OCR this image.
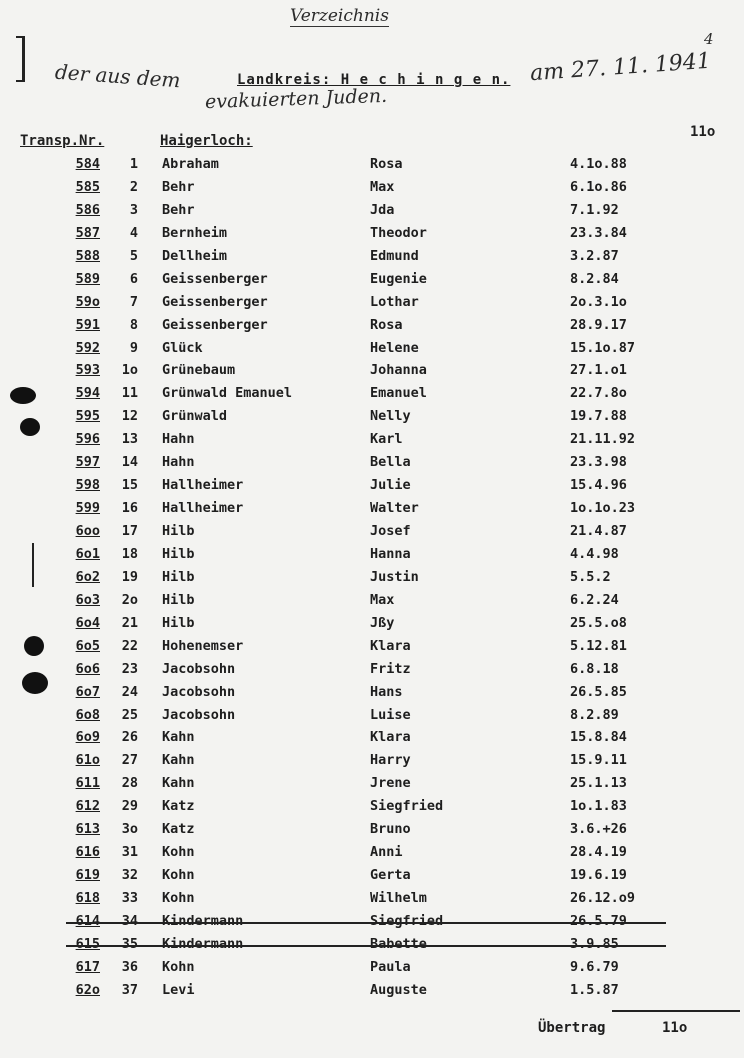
Verzeichnis
4
der aus dem	am 27. 11. 1941
evakuierten Juden.
Landkreis: H e c h i n g e n.
Transp.Nr.	Haigerloch:
11o
584	1 Abraham	Rosa	4.1o.88
585	2 Behr	Max	6.1o.86
586	3 Behr	Jda	7.1.92
587	4 Bernheim	Theodor	23.3.84
588	5 Dellheim	Edmund	3.2.87
589	6 Geissenberger	Eugenie	8.2.84
59o	7 Geissenberger	Lothar	2o.3.1o
591	8 Geissenberger	Rosa	28.9.17
592	9 Glück	Helene	15.1o.87
593	1o Grünebaum	Johanna	27.1.o1
594	11 Grünwald Emanuel	Emanuel	22.7.8o
595	12 Grünwald	Nelly	19.7.88
596	13 Hahn	Karl	21.11.92
597	14 Hahn	Bella	23.3.98
598	15 Hallheimer	Julie	15.4.96
599	16 Hallheimer	Walter	1o.1o.23
6oo	17 Hilb	Josef	21.4.87
6o1	18 Hilb	Hanna	4.4.98
6o2	19 Hilb	Justin	5.5.2
6o3	2o Hilb	Max	6.2.24
6o4	21 Hilb	Jßy	25.5.o8
6o5	22 Hohenemser	Klara	5.12.81
6o6	23 Jacobsohn	Fritz	6.8.18
6o7	24 Jacobsohn	Hans	26.5.85
6o8	25 Jacobsohn	Luise	8.2.89
6o9	26 Kahn	Klara	15.8.84
61o	27 Kahn	Harry	15.9.11
611	28 Kahn	Jrene	25.1.13
612	29 Katz	Siegfried	1o.1.83
613	3o Katz	Bruno	3.6.+26
616	31 Kohn	Anni	28.4.19
619	32 Kohn	Gerta	19.6.19
618	33 Kohn	Wilhelm	26.12.o9
614	34 Kindermann	Siegfried	26.5.79
615	35 Kindermann	Babette	3.9.85
617	36 Kohn	Paula	9.6.79
62o	37 Levi	Auguste	1.5.87
Übertrag	11o
